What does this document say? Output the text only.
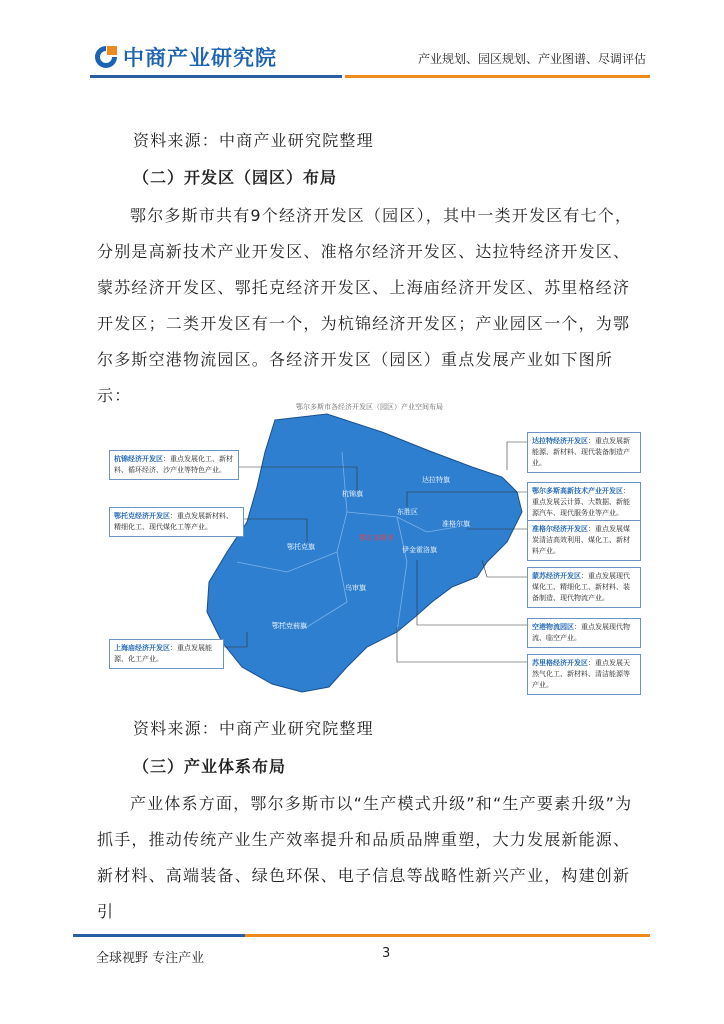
中商产业研究院	产业规划、园区规划、产业图谱、尽调评估
资料来源：中商产业研究院整理
（二）开发区（园区）布局
鄂尔多斯市共有9个经济开发区（园区），其中一类开发区有七个，分别是高新技术产业开发区、准格尔经济开发区、达拉特经济开发区、蒙苏经济开发区、鄂托克经济开发区、上海庙经济开发区、苏里格经济开发区；二类开发区有一个，为杭锦经济开发区；产业园区一个，为鄂尔多斯空港物流园区。各经济开发区（园区）重点发展产业如下图所示：
鄂尔多斯市各经济开发区（园区）产业空间布局
杭锦旗
达拉特旗
东胜区
准格尔旗
鄂托克旗
鄂尔多斯市
伊金霍洛旗
乌审旗
鄂托克前旗
杭锦经济开发区：重点发展化工、新材料、循环经济、沙产业等特色产业。
鄂托克经济开发区：重点发展新材料、精细化工、现代煤化工等产业。
上海庙经济开发区：重点发展能源、化工产业。
达拉特经济开发区：重点发展新能源、新材料、现代装备制造产业。
鄂尔多斯高新技术产业开发区：重点发展云计算、大数据、新能源汽车、现代服务业等产业。
准格尔经济开发区：重点发展煤炭清洁高效利用、煤化工、新材料产业。
蒙苏经济开发区：重点发展现代煤化工、精细化工、新材料、装备制造、现代物流产业。
空港物流园区：重点发展现代物流、临空产业。
苏里格经济开发区：重点发展天然气化工、新材料、清洁能源等产业。
资料来源：中商产业研究院整理
（三）产业体系布局
产业体系方面，鄂尔多斯市以“生产模式升级”和“生产要素升级”为抓手，推动传统产业生产效率提升和品质品牌重塑，大力发展新能源、新材料、高端装备、绿色环保、电子信息等战略性新兴产业，构建创新引
全球视野 专注产业	3
